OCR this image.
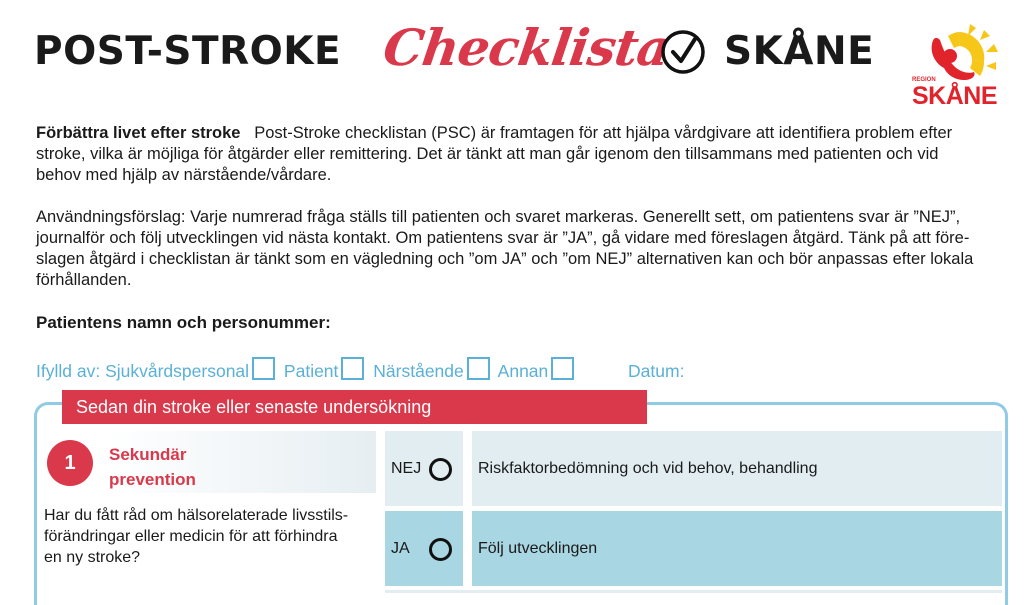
POST-STROKE Checklista SKÅNE
REGION
SKÅNE
Förbättra livet efter stroke Post-Stroke checklistan (PSC) är framtagen för att hjälpa vårdgivare att identifiera problem efter
stroke, vilka är möjliga för åtgärder eller remittering. Det är tänkt att man går igenom den tillsammans med patienten och vid
behov med hjälp av närstående/vårdare.
Användningsförslag: Varje numrerad fråga ställs till patienten och svaret markeras. Generellt sett, om patientens svar är ”NEJ”,
journalför och följ utvecklingen vid nästa kontakt. Om patientens svar är ”JA”, gå vidare med föreslagen åtgärd. Tänk på att före-
slagen åtgärd i checklistan är tänkt som en vägledning och ”om JA” och ”om NEJ” alternativen kan och bör anpassas efter lokala
förhållanden.
Patientens namn och personummer:
Ifylld av: Sjukvårdspersonal Patient Närstående Annan	Datum:
Sedan din stroke eller senaste undersökning
1	Sekundär
prevention
Har du fått råd om hälsorelaterade livsstils-
förändringar eller medicin för att förhindra
en ny stroke?
NEJ	Riskfaktorbedömning och vid behov, behandling
JA	Följ utvecklingen
